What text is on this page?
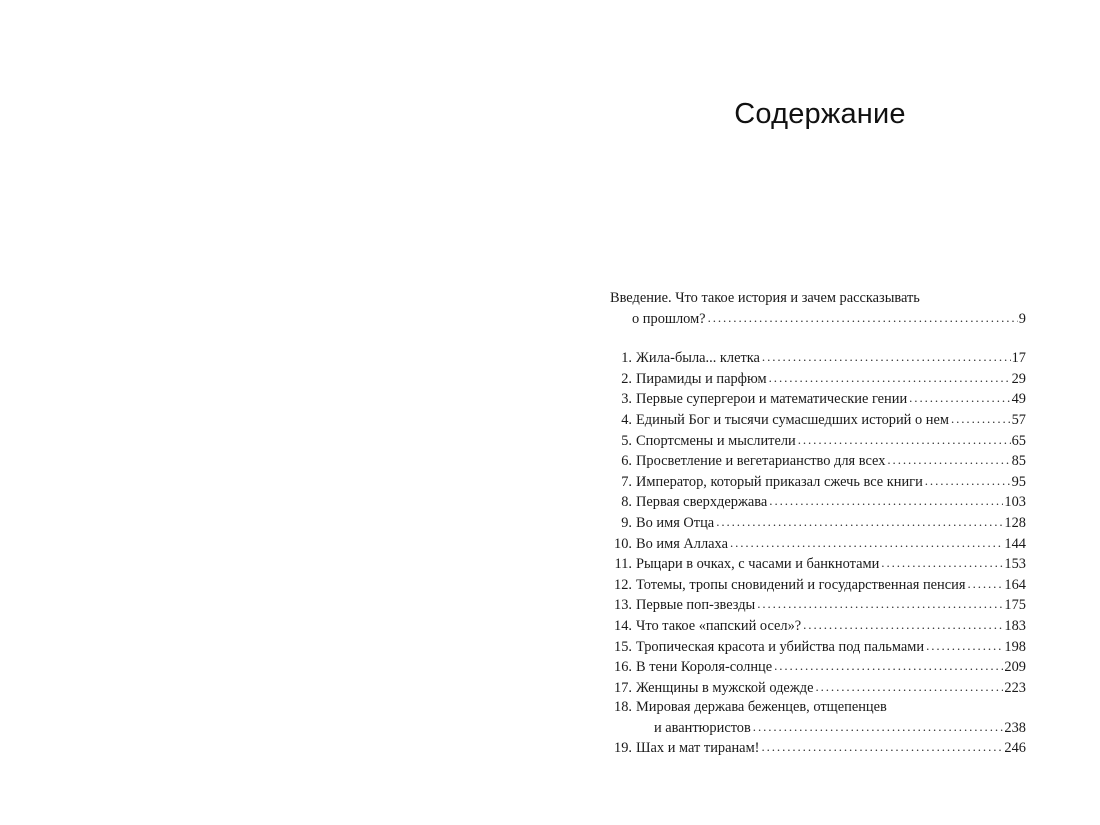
Содержание
Введение. Что такое история и зачем рассказывать
о прошлом? .....	9
1. Жила-была... клетка .....	17
2. Пирамиды и парфюм .....	29
3. Первые супергерои и математические гении .....	49
4. Единый Бог и тысячи сумасшедших историй о нем .....	57
5. Спортсмены и мыслители .....	65
6. Просветление и вегетарианство для всех .....	85
7. Император, который приказал сжечь все книги .....	95
8. Первая сверхдержава .....	103
9. Во имя Отца .....	128
10. Во имя Аллаха .....	144
11. Рыцари в очках, с часами и банкнотами .....	153
12. Тотемы, тропы сновидений и государственная пенсия .....	164
13. Первые поп-звезды .....	175
14. Что такое «папский осел»? .....	183
15. Тропическая красота и убийства под пальмами .....	198
16. В тени Короля-солнце .....	209
17. Женщины в мужской одежде .....	223
18. Мировая держава беженцев, отщепенцев
и авантюристов .....	238
19. Шах и мат тиранам! .....	246
